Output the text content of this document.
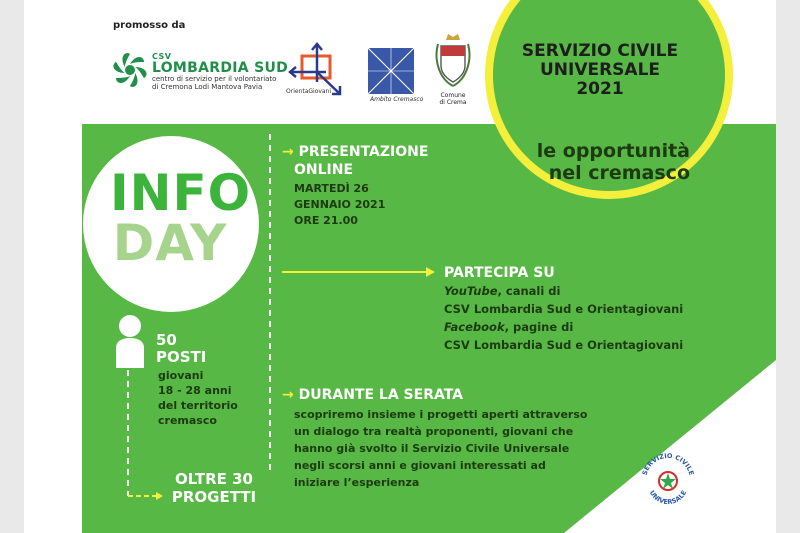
promosso da
CSV
LOMBARDIA SUD
centro di servizio per il volontariato
di Cremona Lodi Mantova Pavia
OrientaGiovani
Ambito Cremasco
Comune
di Crema
SERVIZIO CIVILE
UNIVERSALE
2021
le opportunità
nel cremasco
INFO
DAY
→ PRESENTAZIONE
ONLINE
MARTEDÌ 26
GENNAIO 2021
ORE 21.00
PARTECIPA SU
YouTube, canali di
CSV Lombardia Sud e Orientagiovani
Facebook, pagine di
CSV Lombardia Sud e Orientagiovani
→ DURANTE LA SERATA
scopriremo insieme i progetti aperti attraverso
un dialogo tra realtà proponenti, giovani che
hanno già svolto il Servizio Civile Universale
negli scorsi anni e giovani interessati ad
iniziare l’esperienza
50
POSTI
giovani
18 - 28 anni
del territorio
cremasco
OLTRE 30
PROGETTI
SERVIZIO CIVILE
UNIVERSALE
